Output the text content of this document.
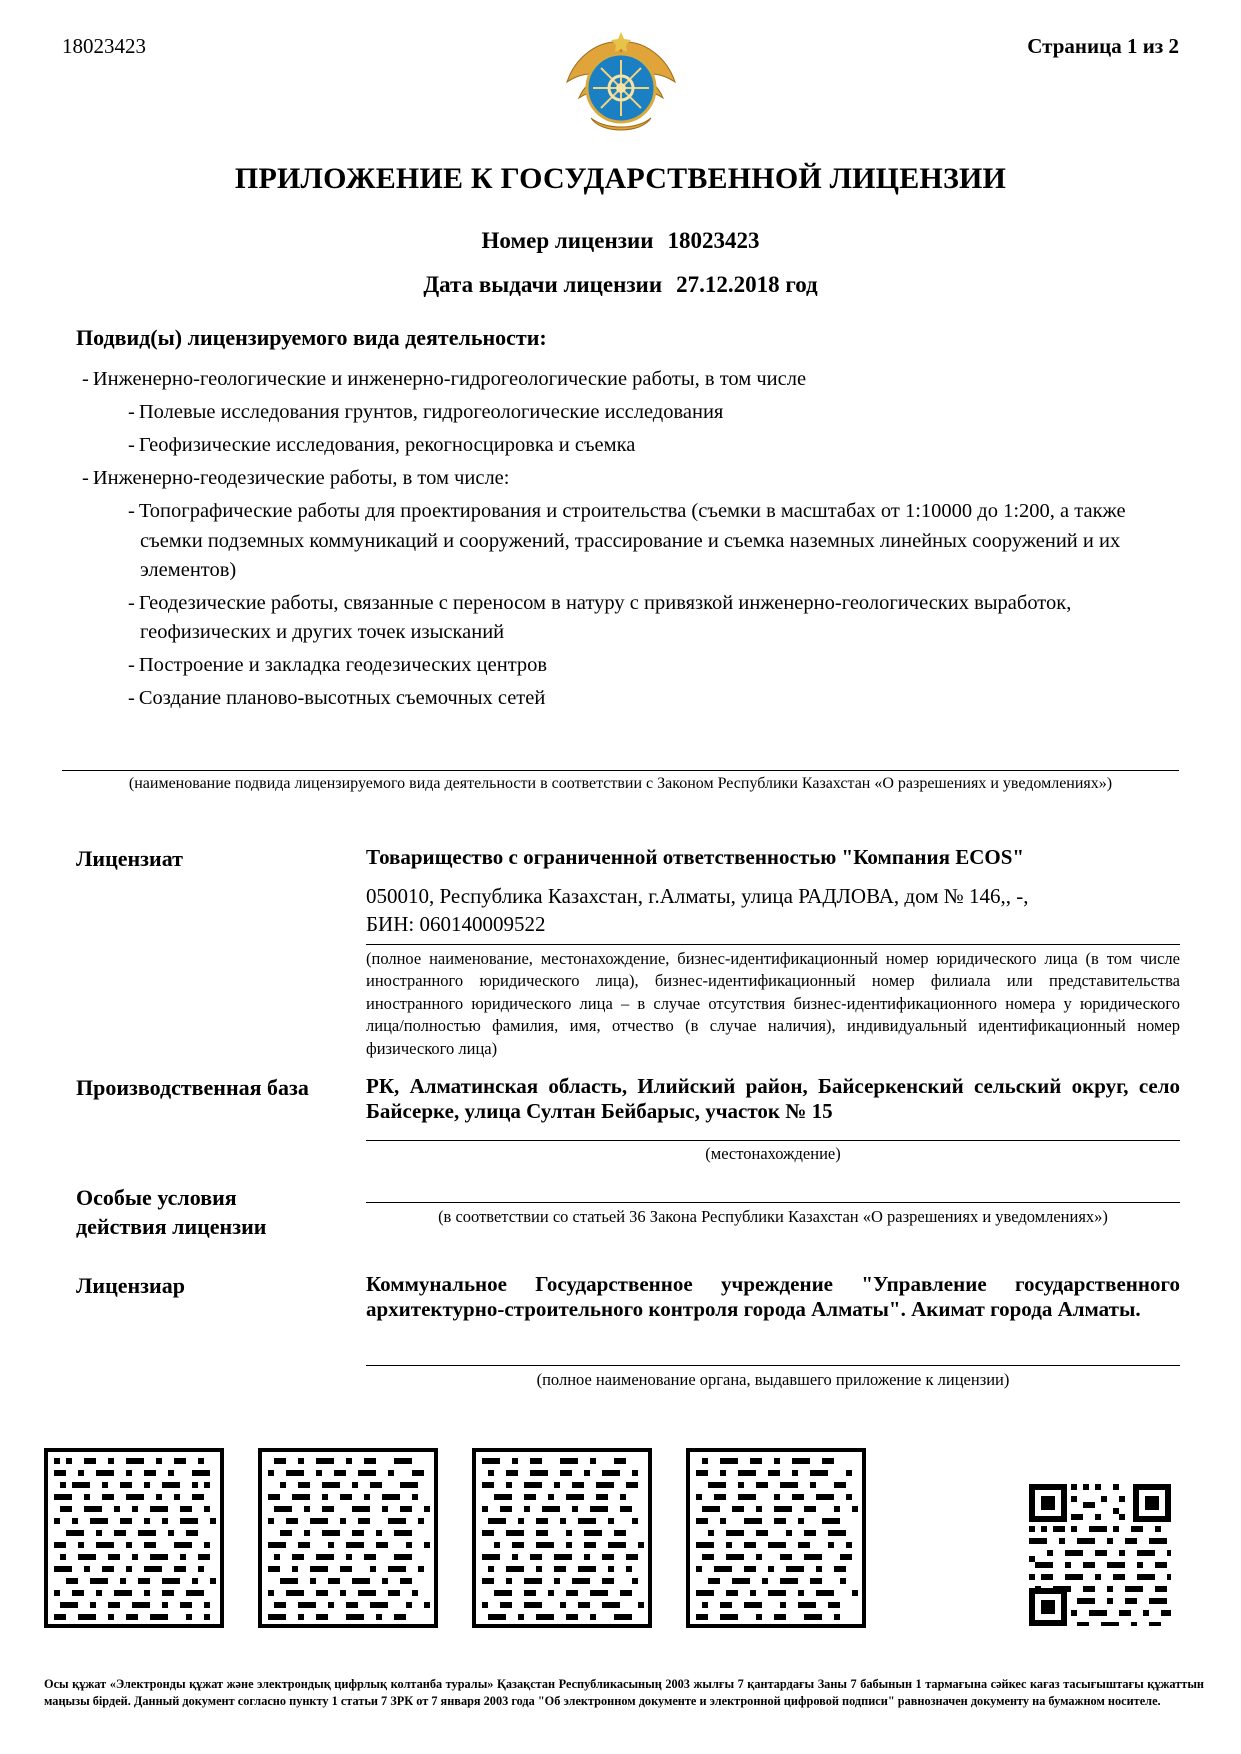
18023423	Страница 1 из 2
ПРИЛОЖЕНИЕ К ГОСУДАРСТВЕННОЙ ЛИЦЕНЗИИ
Номер лицензии 18023423
Дата выдачи лицензии 27.12.2018 год
Подвид(ы) лицензируемого вида деятельности:
- Инженерно-геологические и инженерно-гидрогеологические работы, в том числе
- Полевые исследования грунтов, гидрогеологические исследования
- Геофизические исследования, рекогносцировка и съемка
- Инженерно-геодезические работы, в том числе:
- Топографические работы для проектирования и строительства (съемки в масштабах от 1:10000 до 1:200, а также съемки подземных коммуникаций и сооружений, трассирование и съемка наземных линейных сооружений и их элементов)
- Геодезические работы, связанные с переносом в натуру с привязкой инженерно-геологических выработок, геофизических и других точек изысканий
- Построение и закладка геодезических центров
- Создание планово-высотных съемочных сетей
(наименование подвида лицензируемого вида деятельности в соответствии с Законом Республики Казахстан «О разрешениях и уведомлениях»)
Лицензиат	Товарищество с ограниченной ответственностью "Компания ECOS"
050010, Республика Казахстан, г.Алматы, улица РАДЛОВА, дом № 146,, -,
БИН: 060140009522
(полное наименование, местонахождение, бизнес-идентификационный номер юридического лица (в том числе иностранного юридического лица), бизнес-идентификационный номер филиала или представительства иностранного юридического лица – в случае отсутствия бизнес-идентификационного номера у юридического лица/полностью фамилия, имя, отчество (в случае наличия), индивидуальный идентификационный номер физического лица)
Производственная база	РК, Алматинская область, Илийский район, Байсеркенский сельский округ, село Байсерке, улица Султан Бейбарыс, участок № 15
(местонахождение)
Особые условия
действия лицензии	(в соответствии со статьей 36 Закона Республики Казахстан «О разрешениях и уведомлениях»)
Лицензиар	Коммунальное Государственное учреждение "Управление государственного архитектурно-строительного контроля города Алматы". Акимат города Алматы.
(полное наименование органа, выдавшего приложение к лицензии)
Осы құжат «Электронды құжат және электрондық цифрлық колтанба туралы» Қазақстан Республикасының 2003 жылғы 7 қантардағы Заны 7 бабынын 1 тармағына сәйкес кағаз тасығыштағы құжаттын маңызы бірдей. Данный документ согласно пункту 1 статьи 7 ЗРК от 7 января 2003 года "Об электронном документе и электронной цифровой подписи" равнозначен документу на бумажном носителе.
